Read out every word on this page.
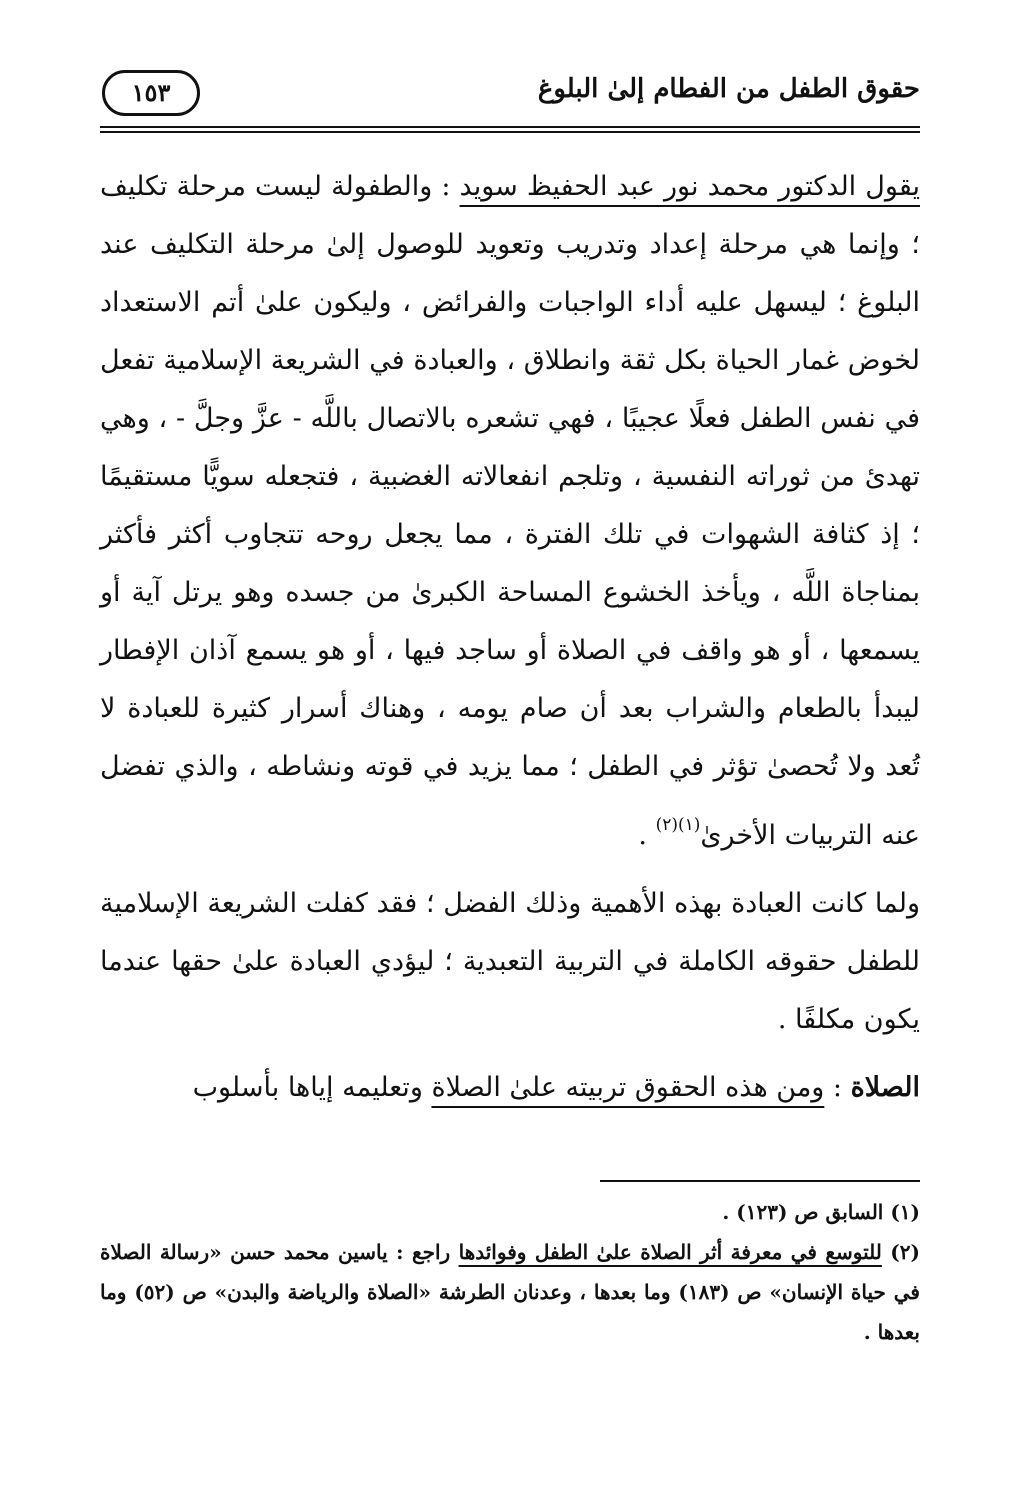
حقوق الطفل من الفطام إلىٰ البلوغ
١٥٣

يقول الدكتور محمد نور عبد الحفيظ سويد : والطفولة ليست مرحلة تكليف ؛ وإنما هي مرحلة إعداد وتدريب وتعويد للوصول إلىٰ مرحلة التكليف عند البلوغ ؛ ليسهل عليه أداء الواجبات والفرائض ، وليكون علىٰ أتم الاستعداد لخوض غمار الحياة بكل ثقة وانطلاق ، والعبادة في الشريعة الإسلامية تفعل في نفس الطفل فعلًا عجيبًا ، فهي تشعره بالاتصال باللَّه - عزَّ وجلَّ - ، وهي تهدئ من ثوراته النفسية ، وتلجم انفعالاته الغضبية ، فتجعله سويًّا مستقيمًا ؛ إذ كثافة الشهوات في تلك الفترة ، مما يجعل روحه تتجاوب أكثر فأكثر بمناجاة اللَّه ، ويأخذ الخشوع المساحة الكبرىٰ من جسده وهو يرتل آية أو يسمعها ، أو هو واقف في الصلاة أو ساجد فيها ، أو هو يسمع آذان الإفطار ليبدأ بالطعام والشراب بعد أن صام يومه ، وهناك أسرار كثيرة للعبادة لا تُعد ولا تُحصىٰ تؤثر في الطفل ؛ مما يزيد في قوته ونشاطه ، والذي تفضل عنه التربيات الأخرىٰ$^{(١)(٢)}$ .

ولما كانت العبادة بهذه الأهمية وذلك الفضل ؛ فقد كفلت الشريعة الإسلامية للطفل حقوقه الكاملة في التربية التعبدية ؛ ليؤدي العبادة علىٰ حقها عندما يكون مكلفًا .

الصلاة : ومن هذه الحقوق تربيته علىٰ الصلاة وتعليمه إياها بأسلوب

(١) السابق ص (١٢٣) .

(٢) للتوسع في معرفة أثر الصلاة علىٰ الطفل وفوائدها راجع : ياسين محمد حسن «رسالة الصلاة في حياة الإنسان» ص (١٨٣) وما بعدها ، وعدنان الطرشة «الصلاة والرياضة والبدن» ص (٥٢) وما بعدها .
